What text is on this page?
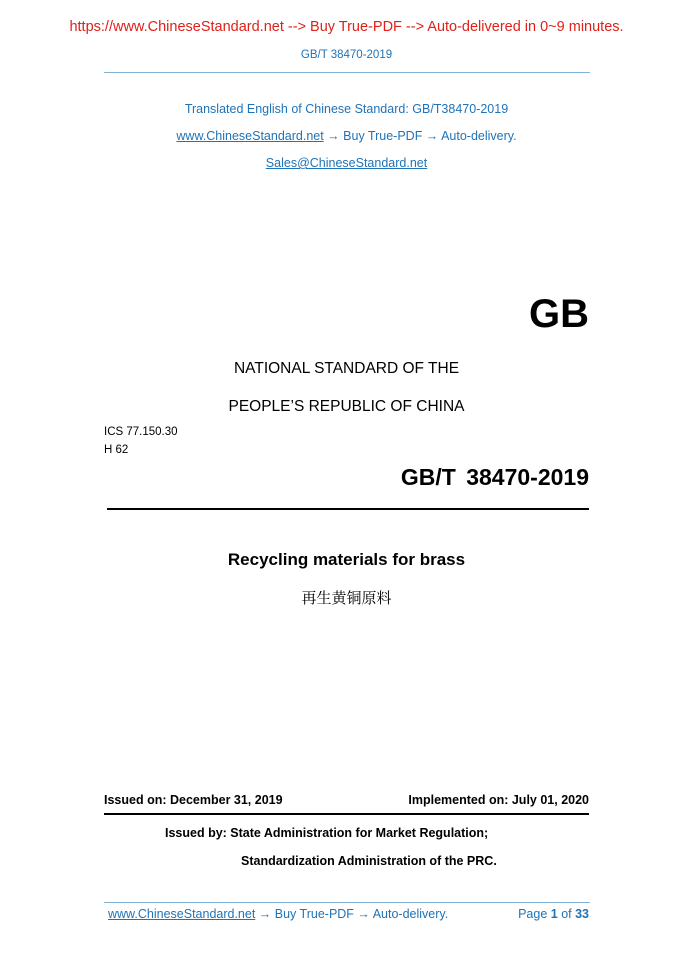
https://www.ChineseStandard.net --> Buy True-PDF --> Auto-delivered in 0~9 minutes.
GB/T 38470-2019
Translated English of Chinese Standard: GB/T38470-2019
www.ChineseStandard.net → Buy True-PDF → Auto-delivery.
Sales@ChineseStandard.net
GB
NATIONAL STANDARD OF THE
PEOPLE’S REPUBLIC OF CHINA
ICS 77.150.30
H 62
GB/T 38470-2019
Recycling materials for brass
再生黄铜原料
Issued on: December 31, 2019	Implemented on: July 01, 2020
Issued by: State Administration for Market Regulation;
Standardization Administration of the PRC.
www.ChineseStandard.net → Buy True-PDF → Auto-delivery.	Page 1 of 33
